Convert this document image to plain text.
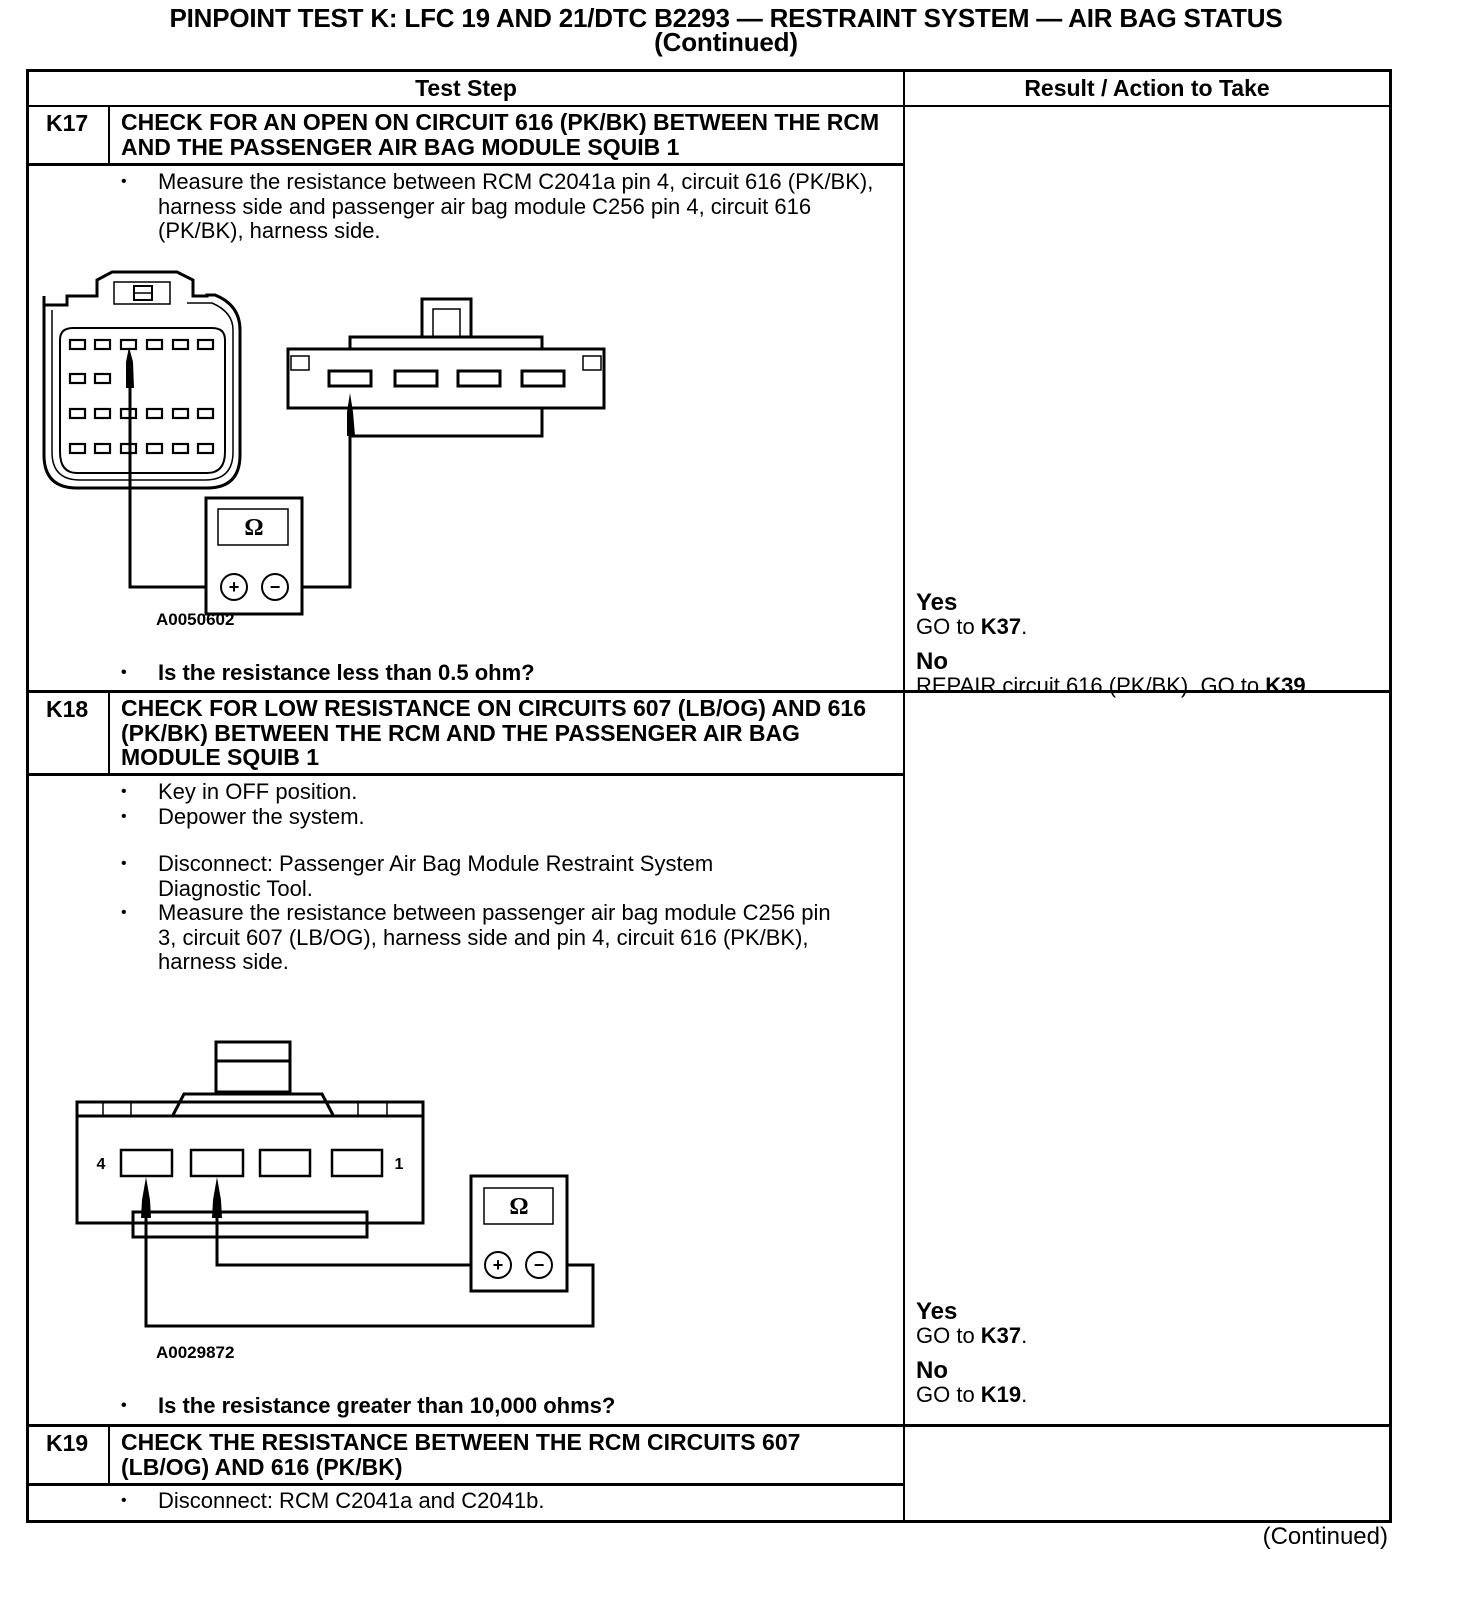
PINPOINT TEST K: LFC 19 AND 21/DTC B2293 — RESTRAINT SYSTEM — AIR BAG STATUS
(Continued)
Test Step	Result / Action to Take
K17	CHECK FOR AN OPEN ON CIRCUIT 616 (PK/BK) BETWEEN THE RCM AND THE PASSENGER AIR BAG MODULE SQUIB 1
• Measure the resistance between RCM C2041a pin 4, circuit 616 (PK/BK), harness side and passenger air bag module C256 pin 4, circuit 616 (PK/BK), harness side.
Ω
+ −
A0050602
• Is the resistance less than 0.5 ohm?
Yes
GO to K37.
No
REPAIR circuit 616 (PK/BK). GO to K39.
K18	CHECK FOR LOW RESISTANCE ON CIRCUITS 607 (LB/OG) AND 616 (PK/BK) BETWEEN THE RCM AND THE PASSENGER AIR BAG MODULE SQUIB 1
• Key in OFF position.
• Depower the system.
• Disconnect: Passenger Air Bag Module Restraint System Diagnostic Tool.
• Measure the resistance between passenger air bag module C256 pin 3, circuit 607 (LB/OG), harness side and pin 4, circuit 616 (PK/BK), harness side.
4	1
Ω
+ −
A0029872
• Is the resistance greater than 10,000 ohms?
Yes
GO to K37.
No
GO to K19.
K19	CHECK THE RESISTANCE BETWEEN THE RCM CIRCUITS 607 (LB/OG) AND 616 (PK/BK)
• Disconnect: RCM C2041a and C2041b.
(Continued)
